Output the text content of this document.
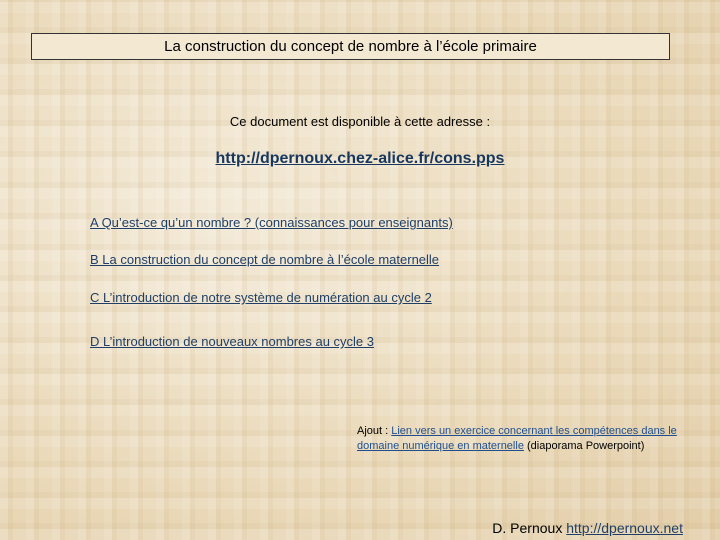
La construction du concept de nombre à l’école primaire
Ce document est disponible à cette adresse :
http://dpernoux.chez-alice.fr/cons.pps
A Qu’est-ce qu’un nombre ? (connaissances pour enseignants)
B La construction du concept de nombre à l’école maternelle
C L’introduction de notre système de numération au cycle 2
D L’introduction de nouveaux nombres au cycle 3
Ajout : Lien vers un exercice concernant les compétences dans le domaine numérique en maternelle (diaporama Powerpoint)
D. Pernoux http://dpernoux.net
